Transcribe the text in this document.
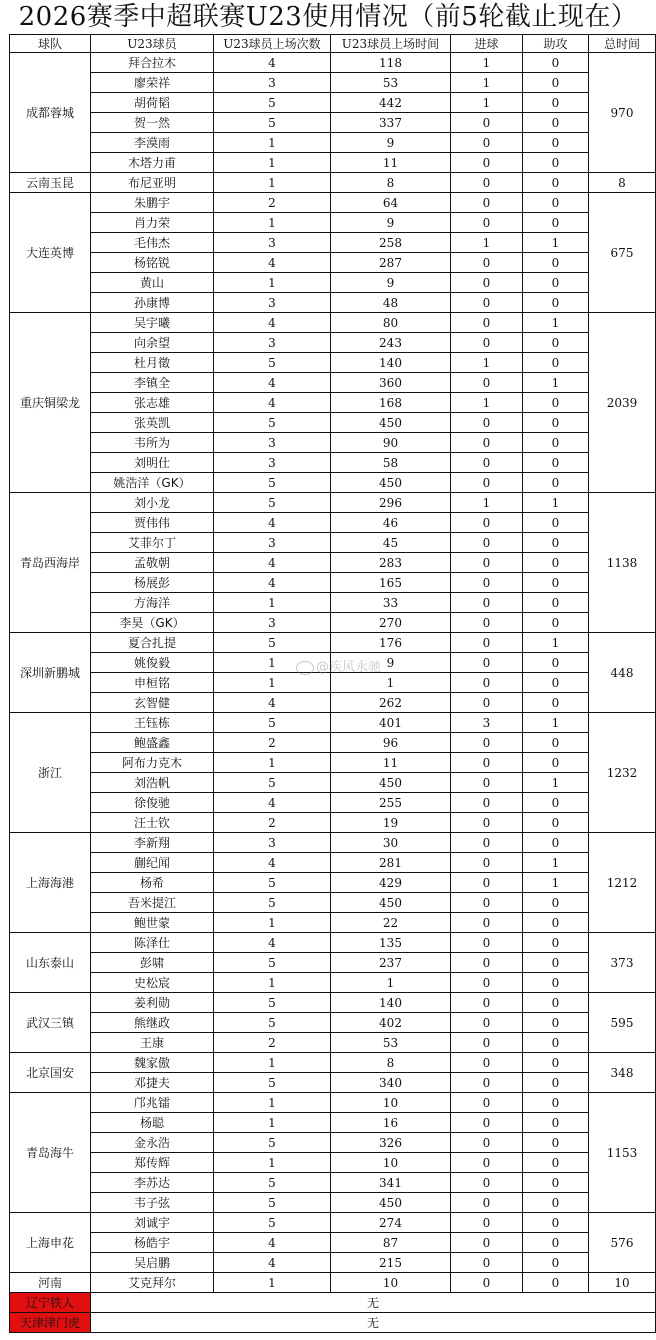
2026赛季中超联赛U23使用情况（前5轮截止现在）
球队	U23球员	U23球员上场次数	U23球员上场时间	进球	助攻	总时间
成都蓉城	拜合拉木	4	118	1	0	970
	廖荣祥	3	53	1	0	
	胡荷韬	5	442	1	0	
	贺一然	5	337	0	0	
	李漠雨	1	9	0	0	
	木塔力甫	1	11	0	0	
云南玉昆	布尼亚明	1	8	0	0	8
大连英博	朱鹏宇	2	64	0	0	675
	肖力荣	1	9	0	0	
	毛伟杰	3	258	1	1	
	杨铭锐	4	287	0	0	
	黄山	1	9	0	0	
	孙康博	3	48	0	0	
重庆铜梁龙	吴宇曦	4	80	0	1	2039
	向余望	3	243	0	0	
	杜月徵	5	140	1	0	
	李镇全	4	360	0	1	
	张志雄	4	168	1	0	
	张英凯	5	450	0	0	
	韦所为	3	90	0	0	
	刘明仕	3	58	0	0	
	姚浩洋（GK）	5	450	0	0	
青岛西海岸	刘小龙	5	296	1	1	1138
	贾伟伟	4	46	0	0	
	艾菲尔丁	3	45	0	0	
	孟敬朝	4	283	0	0	
	杨展彭	4	165	0	0	
	方海洋	1	33	0	0	
	李昊（GK）	3	270	0	0	
深圳新鹏城	夏合扎提	5	176	0	1	448
	姚俊毅	1	9	0	0	
	申桓铭	1	1	0	0	
	玄智健	4	262	0	0	
浙江	王钰栋	5	401	3	1	1232
	鲍盛鑫	2	96	0	0	
	阿布力克木	1	11	0	0	
	刘浩帆	5	450	0	1	
	徐俊驰	4	255	0	0	
	汪士钦	2	19	0	0	
上海海港	李新翔	3	30	0	0	1212
	蒯纪闻	4	281	0	1	
	杨希	5	429	0	1	
	吾米提江	5	450	0	0	
	鲍世蒙	1	22	0	0	
山东泰山	陈泽仕	4	135	0	0	373
	彭啸	5	237	0	0	
	史松宸	1	1	0	0	
武汉三镇	姜利勋	5	140	0	0	595
	熊继政	5	402	0	0	
	王康	2	53	0	0	
北京国安	魏家傲	1	8	0	0	348
	邓捷夫	5	340	0	0	
青岛海牛	邝兆镭	1	10	0	0	1153
	杨聪	1	16	0	0	
	金永浩	5	326	0	0	
	郑传辉	1	10	0	0	
	李苏达	5	341	0	0	
	韦子弦	5	450	0	0	
上海申花	刘诚宇	5	274	0	0	576
	杨皓宇	4	87	0	0	
	吴启鹏	4	215	0	0	
河南	艾克拜尔	1	10	0	0	10
辽宁铁人	无					
天津津门虎	无					
@疾风永驰
